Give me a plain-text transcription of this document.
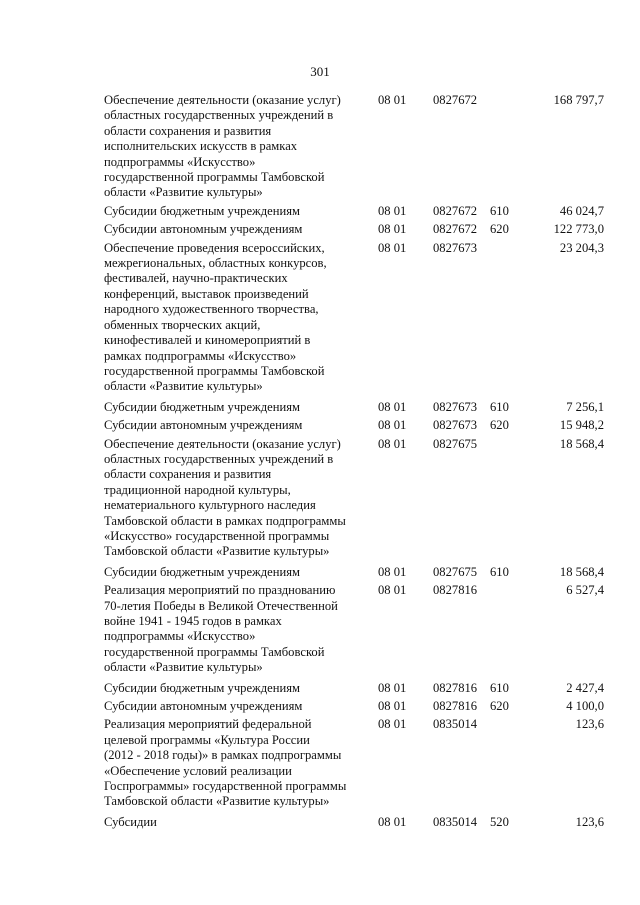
301
Обеспечение деятельности (оказание услуг)
областных государственных учреждений в
области сохранения и развития
исполнительских искусств в рамках
подпрограммы «Искусство»
государственной программы Тамбовской
области «Развитие культуры»
08 01 0827672	168 797,7
Субсидии бюджетным учреждениям	08 01 0827672 610	46 024,7
Субсидии автономным учреждениям	08 01 0827672 620	122 773,0
Обеспечение проведения всероссийских,
межрегиональных, областных конкурсов,
фестивалей, научно-практических
конференций, выставок произведений
народного художественного творчества,
обменных творческих акций,
кинофестивалей и киномероприятий в
рамках подпрограммы «Искусство»
государственной программы Тамбовской
области «Развитие культуры»
08 01 0827673	23 204,3
Субсидии бюджетным учреждениям	08 01 0827673 610	7 256,1
Субсидии автономным учреждениям	08 01 0827673 620	15 948,2
Обеспечение деятельности (оказание услуг)
областных государственных учреждений в
области сохранения и развития
традиционной народной культуры,
нематериального культурного наследия
Тамбовской области в рамках подпрограммы
«Искусство» государственной программы
Тамбовской области «Развитие культуры»
08 01 0827675	18 568,4
Субсидии бюджетным учреждениям	08 01 0827675 610	18 568,4
Реализация мероприятий по празднованию
70-летия Победы в Великой Отечественной
войне 1941 - 1945 годов в рамках
подпрограммы «Искусство»
государственной программы Тамбовской
области «Развитие культуры»
08 01 0827816	6 527,4
Субсидии бюджетным учреждениям	08 01 0827816 610	2 427,4
Субсидии автономным учреждениям	08 01 0827816 620	4 100,0
Реализация мероприятий федеральной
целевой программы «Культура России
(2012 - 2018 годы)» в рамках подпрограммы
«Обеспечение условий реализации
Госпрограммы» государственной программы
Тамбовской области «Развитие культуры»
08 01 0835014	123,6
Субсидии	08 01 0835014 520	123,6
